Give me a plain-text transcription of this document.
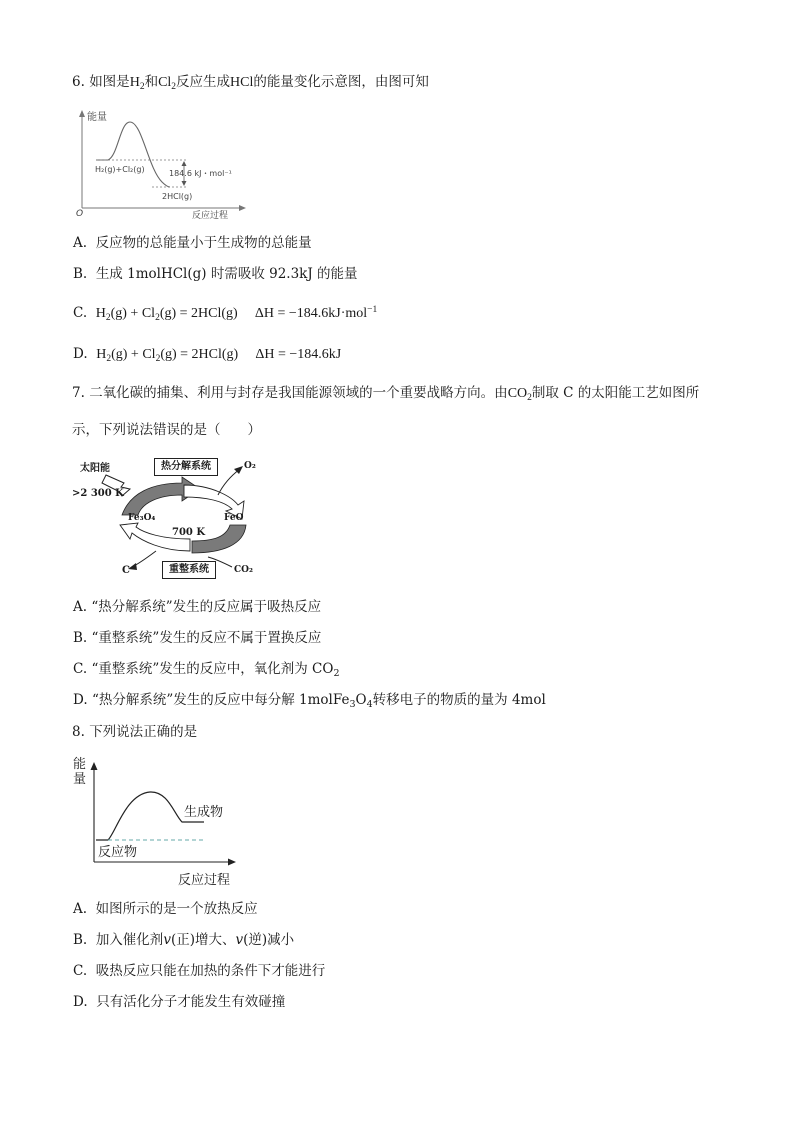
6. 如图是$H_2$和$Cl_2$反应生成HCl的能量变化示意图，由图可知
能量
H₂(g)+Cl₂(g)	184.6 kJ・mol⁻¹
2HCl(g)
O	反应过程
A. 反应物的总能量小于生成物的总能量
B. 生成 1molHCl(g) 时需吸收 92.3kJ 的能量
C. $H_2(g) + Cl_2(g) = 2HCl(g) \Delta H = -184.6kJ\cdot mol^{-1}$
D. $H_2(g) + Cl_2(g) = 2HCl(g) \Delta H = -184.6kJ$
7. 二氧化碳的捕集、利用与封存是我国能源领域的一个重要战略方向。由$CO_2$制取 C 的太阳能工艺如图所
示，下列说法错误的是（　　）
太阳能
>2 300 K
热分解系统	O₂
Fe₃O₄	FeO
700 K
C	重整系统	CO₂
A. “热分解系统”发生的反应属于吸热反应
B. “重整系统”发生的反应不属于置换反应
C. “重整系统”发生的反应中，氧化剂为 $CO_2$
D. “热分解系统”发生的反应中每分解 $1molFe_3O_4$转移电子的物质的量为 4mol
8. 下列说法正确的是
能
量
生成物
反应物
反应过程
A. 如图所示的是一个放热反应
B. 加入催化剂v(正)增大、v(逆)减小
C. 吸热反应只能在加热的条件下才能进行
D. 只有活化分子才能发生有效碰撞
